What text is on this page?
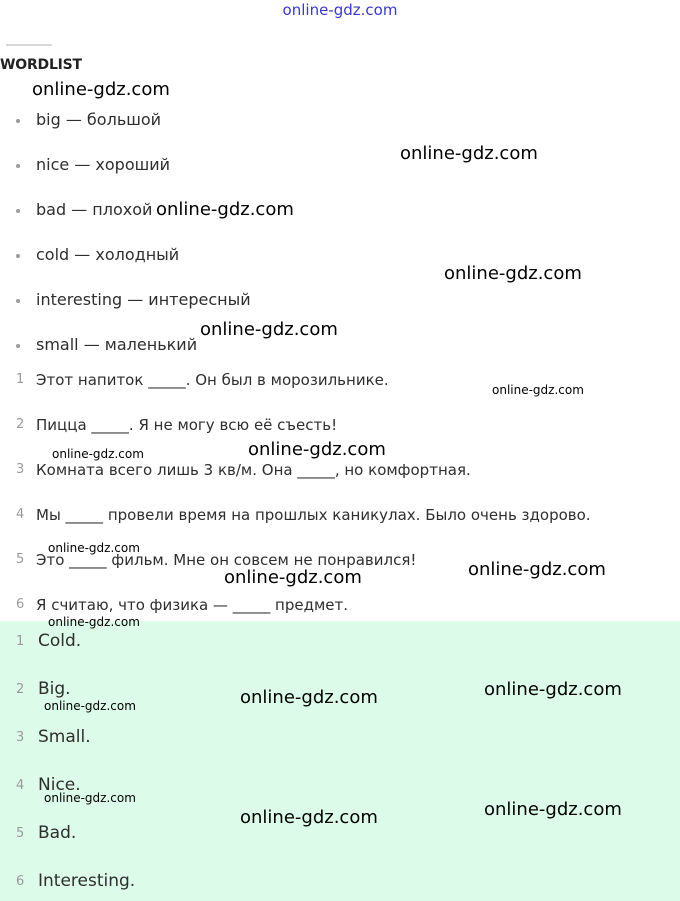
online-gdz.com
WORDLIST
big — большой
nice — хороший
bad — плохой
cold — холодный
interesting — интересный
small — маленький
1 Этот напиток _____. Он был в морозильнике.
2 Пицца _____. Я не могу всю её съесть!
3 Комната всего лишь 3 кв/м. Она _____, но комфортная.
4 Мы _____ провели время на прошлых каникулах. Было очень здорово.
5 Это _____ фильм. Мне он совсем не понравился!
6 Я считаю, что физика — _____ предмет.
1 Cold.
2 Big.
3 Small.
4 Nice.
5 Bad.
6 Interesting.
online-gdz.com
online-gdz.com
online-gdz.com
online-gdz.com
online-gdz.com
online-gdz.com
online-gdz.com
online-gdz.com
online-gdz.com
online-gdz.com
online-gdz.com
online-gdz.com
online-gdz.com
online-gdz.com
online-gdz.com
online-gdz.com
online-gdz.com
online-gdz.com
